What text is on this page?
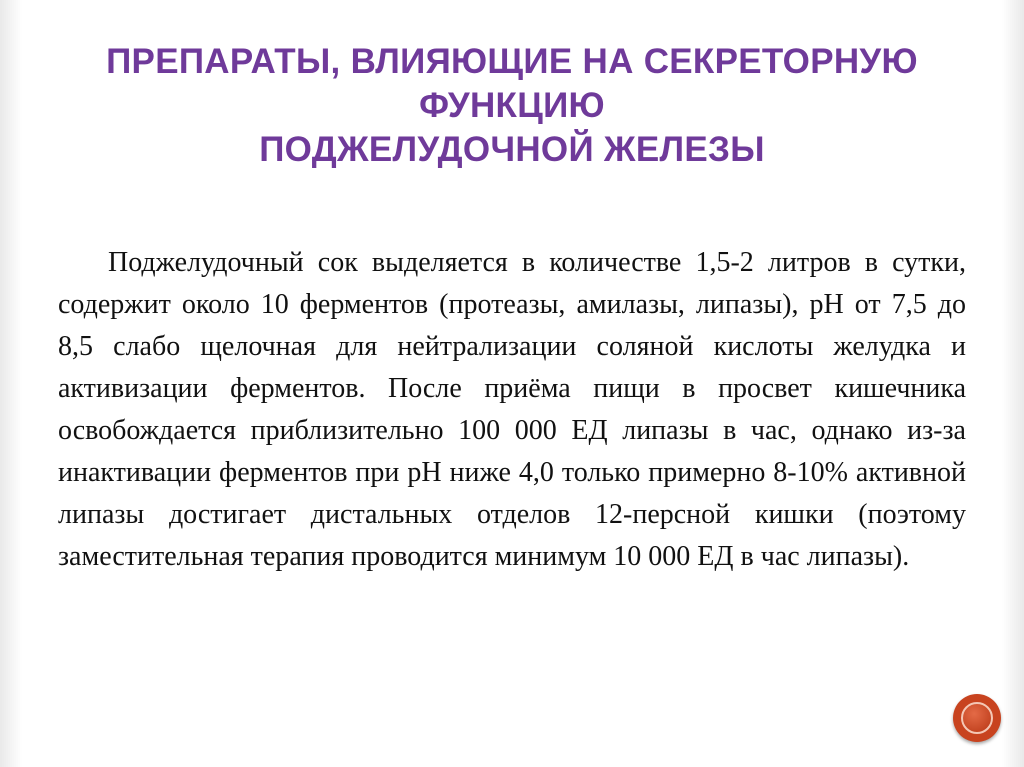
ПРЕПАРАТЫ, ВЛИЯЮЩИЕ НА СЕКРЕТОРНУЮ
ФУНКЦИЮ
ПОДЖЕЛУДОЧНОЙ ЖЕЛЕЗЫ

Поджелудочный сок выделяется в количестве 1,5-2 литров в сутки, содержит около 10 ферментов (протеазы, амилазы, липазы), рН от 7,5 до 8,5 слабо щелочная для нейтрализации соляной кислоты желудка и активизации ферментов. После приёма пищи в просвет кишечника освобождается приблизительно 100 000 ЕД липазы в час, однако из-за инактивации ферментов при рН ниже 4,0 только примерно 8-10% активной липазы достигает дистальных отделов 12-персной кишки (поэтому заместительная терапия проводится минимум 10 000 ЕД в час липазы).
